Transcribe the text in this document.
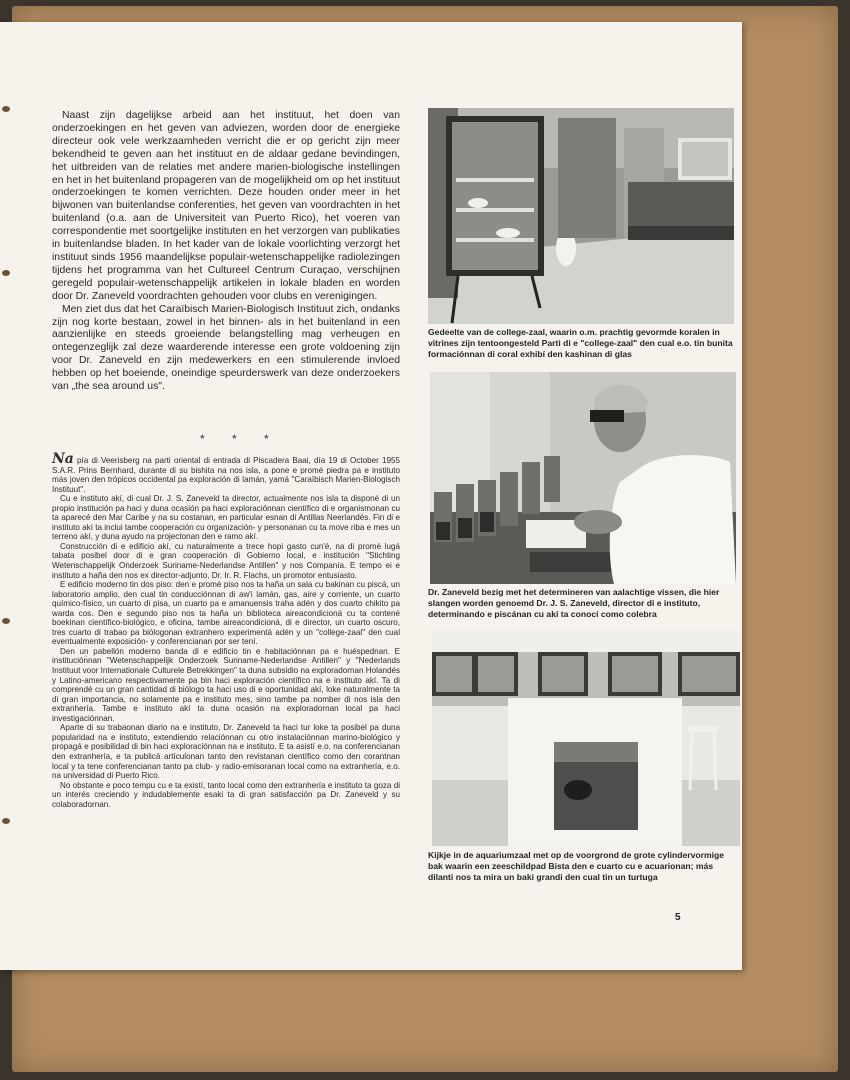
Naast zijn dagelijkse arbeid aan het instituut, het doen van onderzoekingen en het geven van adviezen, worden door de energieke directeur ook vele werkzaamheden verricht die er op gericht zijn meer bekendheid te geven aan het instituut en de aldaar gedane bevindingen, het uitbreiden van de relaties met andere marien-biologische instellingen en het in het buitenland propageren van de mogelijkheid om op het instituut onderzoekingen te komen verrichten. Deze houden onder meer in het bijwonen van buitenlandse conferenties, het geven van voordrachten in het buitenland (o.a. aan de Universiteit van Puerto Rico), het voeren van correspondentie met soortgelijke instituten en het verzorgen van publikaties in buitenlandse bladen. In het kader van de lokale voorlichting verzorgt het instituut sinds 1956 maandelijkse populair-wetenschappelijke radiolezingen tijdens het programma van het Cultureel Centrum Curaçao, verschijnen geregeld populair-wetenschappelijk artikelen in lokale bladen en worden door Dr. Zaneveld voordrachten gehouden voor clubs en verenigingen.

Men ziet dus dat het Caraïbisch Marien-Biologisch Instituut zich, ondanks zijn nog korte bestaan, zowel in het binnen- als in het buitenland in een aanzienlijke en steeds groeiende belangstelling mag verheugen en ontegenzeglijk zal deze waarderende interesse een grote voldoening zijn voor Dr. Zaneveld en zijn medewerkers en een stimulerende invloed hebben op het boeiende, oneindige speurderswerk van deze onderzoekers van „the sea around us".

* * *

Na pía di Veerisberg na parti oriental di entrada di Piscadera Baai, día 19 di October 1955 S.A.R. Prins Bernhard, durante di su bishita na nos isla, a pone e promé piedra pa e instituto más joven den trópicos occidental pa exploración di lamán, yamá "Caraïbisch Marien-Biologisch Instituut".

Cu e instituto akí, di cual Dr. J. S. Zaneveld ta director, actualmente nos isla ta disponé di un propio institución pa haci y duna ocasión pa haci exploraciónnan científico di e organismonan cu ta aparecé den Mar Caribe y na su costanan, en particular esnan di Antillas Neerlandés. Fin di e instituto akí ta inclui tambe cooperación cu organización- y personanan cu ta move riba e mes un terreno akí, y duna ayudo na projectonan den e ramo akí.

Construcción di e edificio akí, cu naturalmente a trece hopi gasto cun'é, na di promé lugá tabata posibel door di e gran cooperación di Gobierno local, e institución "Stichting Wetenschappelijk Onderzoek Suriname-Nederlandse Antillen" y nos Companía. E tempo ei e instituto a haña den nos ex director-adjunto, Dr. Ir. R. Flachs, un promotor entusiasto.

E edificio moderno tin dos piso: den e promé piso nos ta haña un sala cu bakinan cu piscá, un laboratorio amplio, den cual tin conducciónnan di aw'i lamán, gas, aire y corriente, un cuarto químico-físico, un cuarto di pisa, un cuarto pa e amanuensis traha adén y dos cuarto chikito pa warda cos. Den e segundo piso nos ta haña un biblioteca aireacondicioná cu ta contené boekinan científico-biológico, e oficina, tambe aireacondicioná, di e director, un cuarto oscuro, tres cuarto di trabao pa biólogonan extranhero experimentá adén y un "college-zaal" den cual eventualmente exposición- y conferencianan por ser tení.

Den un pabellón moderno banda di e edificio tin e habitaciónnan pa e huéspednan. E institución̈nan "Wetenschappelijk Onderzoek Suriname-Nederlandse Antillen" y "Nederlands Instituut voor Internationale Culturele Betrekkingen" ta duna subsidio na exploradornan Holandés y Latino-americano respectivamente pa bin haci exploración científico na e instituto akí. Ta di comprendé cu un gran cantidad di biólogo ta haci uso di e oportunidad akí, loke naturalmente ta di gran importancia, no solamente pa e instituto mes, sino tambe pa nomber di nos isla den extranhería. Tambe e instituto akí ta duna ocasión na exploradornan local pa haci investigaciónnan.

Aparte di su trabaonan diario na e instituto, Dr. Zaneveld ta haci tur loke ta posibel pa duna popularidad na e instituto, extendiendo relaciónnan cu otro instalaciónnan marino-biológico y propagá e posibilidad di bin haci exploraciónnan na e instituto. E ta asistí e.o. na conferencianan den extranhería, e ta publicá artículonan tanto den revistanan científico como den corantnan local y ta tene conferencianan tanto pa club- y radio-emisoranan local como na extranhería, e.o. na universidad di Puerto Rico.

No obstante e poco tempu cu e ta existí, tanto local como den extranhería e instituto ta goza di un interés creciendo y indudablemente esaki ta di gran satisfacción pa Dr. Zaneveld y su colaboradornan.

Gedeelte van de college-zaal, waarin o.m. prachtig gevormde koralen in vitrines zijn tentoongesteld Parti di e "college-zaal" den cual e.o. tin bunita formaciónnan di coral exhibí den kashinan di glas
Dr. Zaneveld bezig met het determineren van aalachtige vissen, die hier slangen worden genoemd Dr. J. S. Zaneveld, director di e instituto, determinando e piscánan cu akí ta conocí como colebra
Kijkje in de aquariumzaal met op de voorgrond de grote cylindervormige bak waarin een zeeschildpad Bista den e cuarto cu e acuarionan; más dilanti nos ta mira un baki grandi den cual tin un turtuga
5
